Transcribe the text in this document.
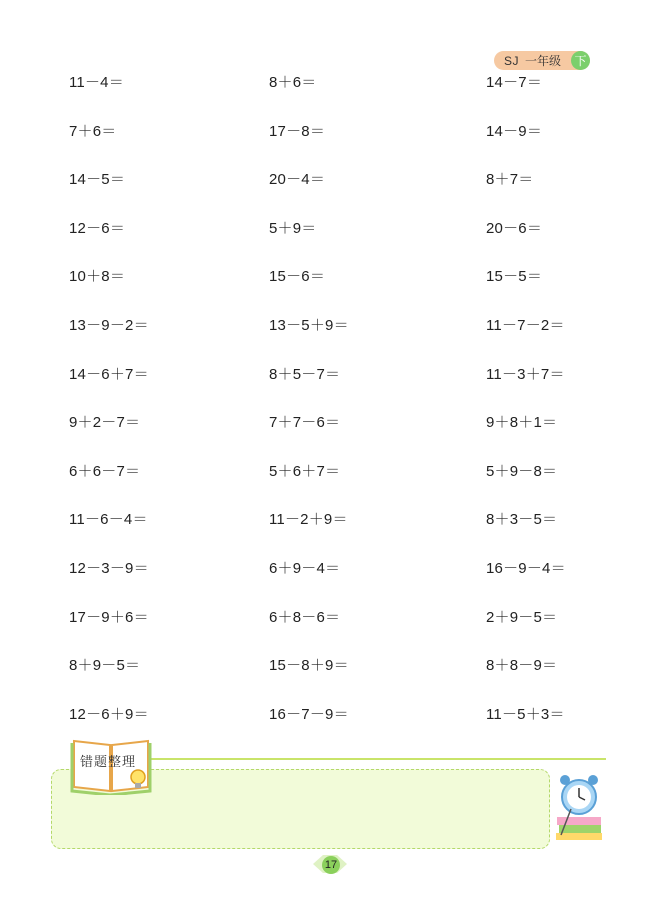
SJ 一年级 下
11－4＝	8＋6＝	14－7＝
7＋6＝	17－8＝	14－9＝
14－5＝	20－4＝	8＋7＝
12－6＝	5＋9＝	20－6＝
10＋8＝	15－6＝	15－5＝
13－9－2＝	13－5＋9＝	11－7－2＝
14－6＋7＝	8＋5－7＝	11－3＋7＝
9＋2－7＝	7＋7－6＝	9＋8＋1＝
6＋6－7＝	5＋6＋7＝	5＋9－8＝
11－6－4＝	11－2＋9＝	8＋3－5＝
12－3－9＝	6＋9－4＝	16－9－4＝
17－9＋6＝	6＋8－6＝	2＋9－5＝
8＋9－5＝	15－8＋9＝	8＋8－9＝
12－6＋9＝	16－7－9＝	11－5＋3＝
错题整理
17
